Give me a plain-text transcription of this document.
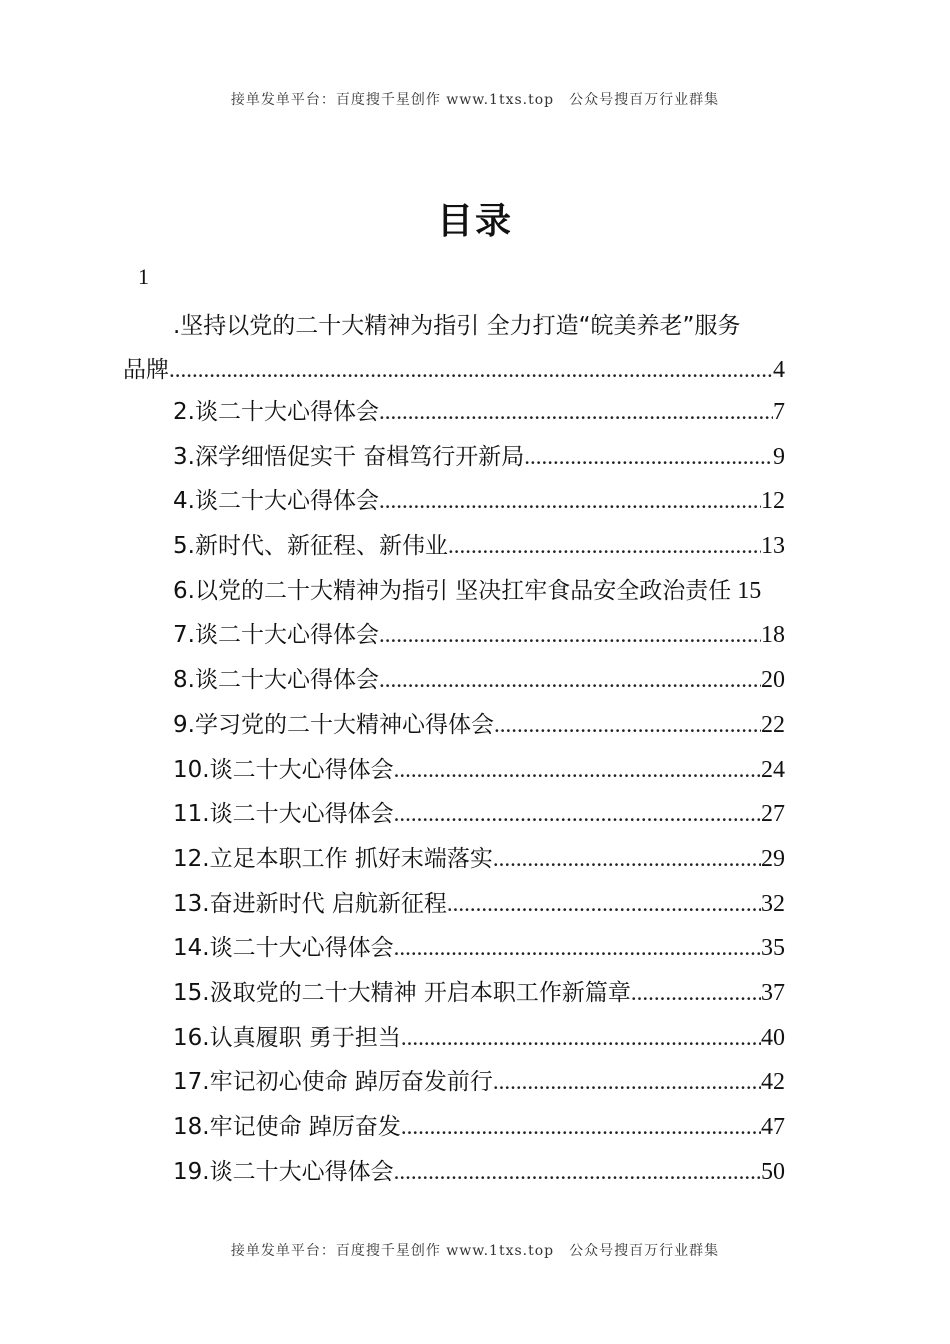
接单发单平台：百度搜千星创作 www.1txs.top　公众号搜百万行业群集
目录
1
.坚持以党的二十大精神为指引 全力打造“皖美养老”服务
品牌 .....	4
2.谈二十大心得体会 .....	7
3.深学细悟促实干 奋楫笃行开新局 .....	9
4.谈二十大心得体会 .....	12
5.新时代、新征程、新伟业 .....	13
6.以党的二十大精神为指引 坚决扛牢食品安全政治责任 15
7.谈二十大心得体会 .....	18
8.谈二十大心得体会 .....	20
9.学习党的二十大精神心得体会 .....	22
10.谈二十大心得体会 .....	24
11.谈二十大心得体会 .....	27
12.立足本职工作 抓好末端落实 .....	29
13.奋进新时代 启航新征程 .....	32
14.谈二十大心得体会 .....	35
15.汲取党的二十大精神 开启本职工作新篇章 .....	37
16.认真履职 勇于担当 .....	40
17.牢记初心使命 踔厉奋发前行 .....	42
18.牢记使命 踔厉奋发 .....	47
19.谈二十大心得体会 .....	50
接单发单平台：百度搜千星创作 www.1txs.top　公众号搜百万行业群集
